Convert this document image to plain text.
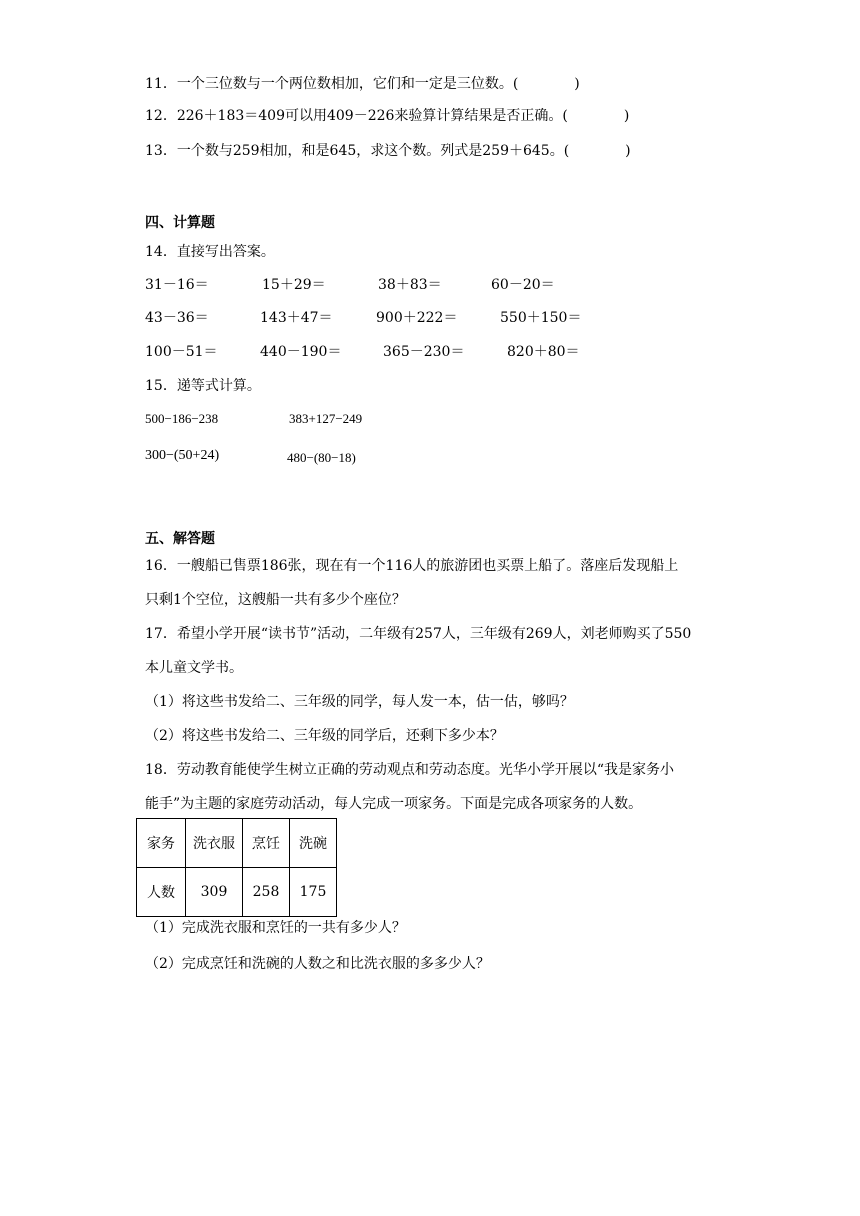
11．一个三位数与一个两位数相加，它们和一定是三位数。(　　　　)
12．226＋183＝409可以用409－226来验算计算结果是否正确。(　　　　)
13．一个数与259相加，和是645，求这个数。列式是259＋645。(　　　　)
四、计算题
14．直接写出答案。
31－16＝	15＋29＝	38＋83＝	60－20＝
43－36＝	143＋47＝	900＋222＝	550＋150＝
100－51＝	440－190＝	365－230＝	820＋80＝
15．递等式计算。
500−186−238	383+127−249
300−(50+24)	480−(80−18)
五、解答题
16．一艘船已售票186张，现在有一个116人的旅游团也买票上船了。落座后发现船上
只剩1个空位，这艘船一共有多少个座位？
17．希望小学开展“读书节”活动，二年级有257人，三年级有269人，刘老师购买了550
本儿童文学书。
（1）将这些书发给二、三年级的同学，每人发一本，估一估，够吗？
（2）将这些书发给二、三年级的同学后，还剩下多少本？
18．劳动教育能使学生树立正确的劳动观点和劳动态度。光华小学开展以“我是家务小
能手”为主题的家庭劳动活动，每人完成一项家务。下面是完成各项家务的人数。
家务	洗衣服	烹饪	洗碗
人数	309	258	175
（1）完成洗衣服和烹饪的一共有多少人？
（2）完成烹饪和洗碗的人数之和比洗衣服的多多少人？
